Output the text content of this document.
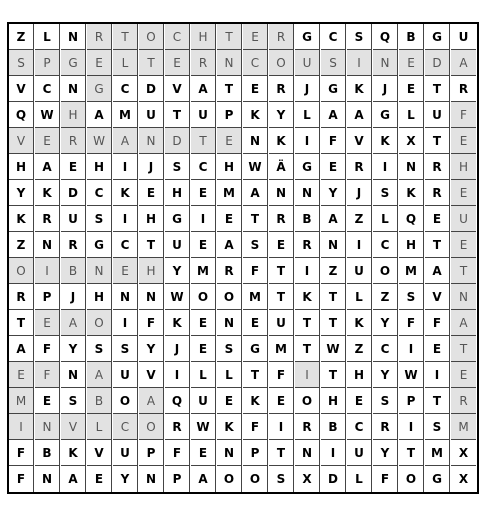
Z	L	N	R	T	O	C	H	T	E	R	G	C	S	Q	B	G	U
S	P	G	E	L	T	E	R	N	C	O	U	S	I	N	E	D	A
V	C	N	G	C	D	V	A	T	E	R	J	G	K	J	E	T	R
Q	W	H	A	M	U	T	U	P	K	Y	L	A	A	G	L	U	F
V	E	R	W	A	N	D	T	E	N	K	I	F	V	K	X	T	E
H	A	E	H	I	J	S	C	H	W	Ä	G	E	R	I	N	R	H
Y	K	D	C	K	E	H	E	M	A	N	N	Y	J	S	K	R	E
K	R	U	S	I	H	G	I	E	T	R	B	A	Z	L	Q	E	U
Z	N	R	G	C	T	U	E	A	S	E	R	N	I	C	H	T	E
O	I	B	N	E	H	Y	M	R	F	T	I	Z	U	O	M	A	T
R	P	J	H	N	N	W	O	O	M	T	K	T	L	Z	S	V	N
T	E	A	O	I	F	K	E	N	E	U	T	T	K	Y	F	F	A
A	F	Y	S	S	Y	J	E	S	G	M	T	W	Z	C	I	E	T
E	F	N	A	U	V	I	L	L	T	F	I	T	H	Y	W	I	E
M	E	S	B	O	A	Q	U	E	K	E	O	H	E	S	P	T	R
I	N	V	L	C	O	R	W	K	F	I	R	B	C	R	I	S	M
F	B	K	V	U	P	F	E	N	P	T	N	I	U	Y	T	M	X
F	N	A	E	Y	N	P	A	O	O	S	X	D	L	F	O	G	X
